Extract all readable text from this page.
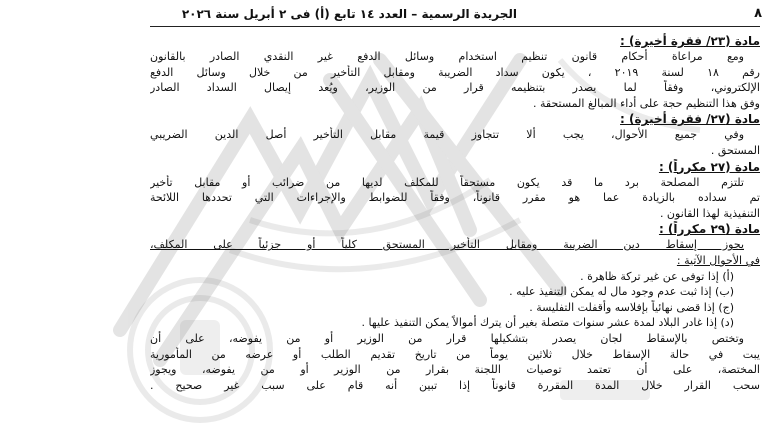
٨
الجريدة الرسمية – العدد ١٤ تابع (أ) فى ٢ أبريل سنة ٢٠٢٦
مادة (٢٣/ فقرة أخيرة) :
ومع مراعاة أحكام قانون تنظيم استخدام وسائل الدفع غير النقدي الصادر بالقانون
رقم ١٨ لسنة ٢٠١٩ ، يكون سداد الضريبة ومقابل التأخير من خلال وسائل الدفع
الإلكتروني، وفقاً لما يصدر بتنظيمه قرار من الوزير، ويُعد إيصال السداد الصادر
وفق هذا التنظيم حجة على أداء المبالغ المستحقة .
مادة (٢٧/ فقرة أخيرة) :
وفي جميع الأحوال، يجب ألا تتجاوز قيمة مقابل التأخير أصل الدين الضريبي
المستحق .
مادة (٢٧ مكرراً) :
تلتزم المصلحة برد ما قد يكون مستحقاً للمكلف لديها من ضرائب أو مقابل تأخير
تم سداده بالزيادة عما هو مقرر قانوناً، وفقاً للضوابط والإجراءات التي تحددها اللائحة
التنفيذية لهذا القانون .
مادة (٢٩ مكرراً) :
يجوز إسقاط دين الضريبة ومقابل التأخير المستحق كلياً أو جزئياً على المكلف،
في الأحوال الآتية :
(أ) إذا توفى عن غير تركة ظاهرة .
(ب) إذا ثبت عدم وجود مال له يمكن التنفيذ عليه .
(ج) إذا قضى نهائياً بإفلاسه وأقفلت التفليسة .
(د) إذا غادر البلاد لمدة عشر سنوات متصلة بغير أن يترك أموالاً يمكن التنفيذ عليها .
وتختص بالإسقاط لجان يصدر بتشكيلها قرار من الوزير أو من يفوضه، على أن
يبت في حالة الإسقاط خلال ثلاثين يوماً من تاريخ تقديم الطلب أو عرضه من المأمورية
المختصة، على أن تعتمد توصيات اللجنة بقرار من الوزير أو من يفوضه، ويجوز
سحب القرار خلال المدة المقررة قانوناً إذا تبين أنه قام على سبب غير صحيح .
